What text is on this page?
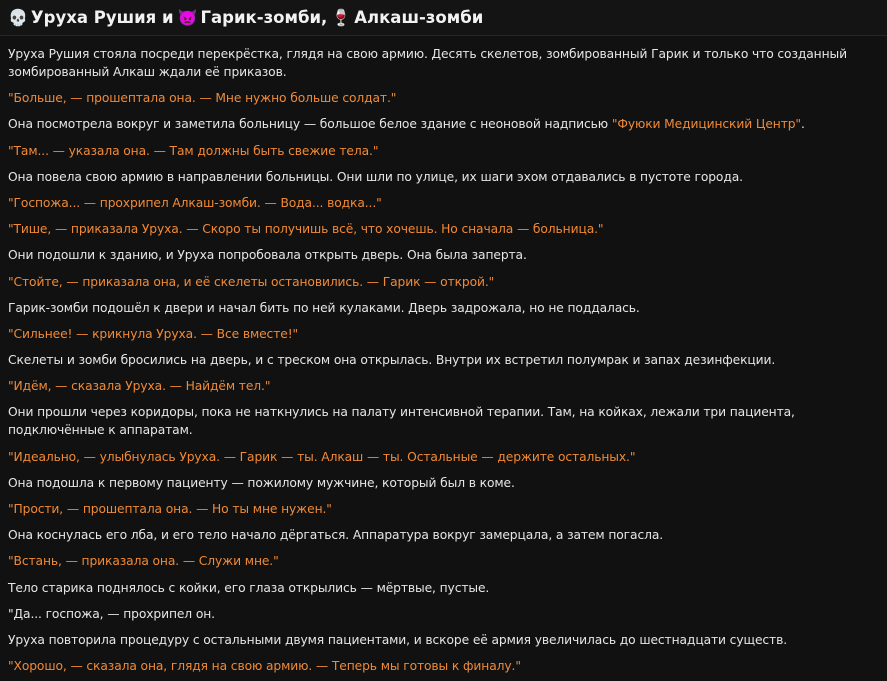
💀 Уруха Рушия и 👿 Гарик-зомби, 🍷 Алкаш-зомби
Уруха Рушия стояла посреди перекрёстка, глядя на свою армию. Десять скелетов, зомбированный Гарик и только что созданный зомбированный Алкаш ждали её приказов.
"Больше, — прошептала она. — Мне нужно больше солдат."
Она посмотрела вокруг и заметила больницу — большое белое здание с неоновой надписью "Фуюки Медицинский Центр".
"Там... — указала она. — Там должны быть свежие тела."
Она повела свою армию в направлении больницы. Они шли по улице, их шаги эхом отдавались в пустоте города.
"Госпожа... — прохрипел Алкаш-зомби. — Вода... водка..."
"Тише, — приказала Уруха. — Скоро ты получишь всё, что хочешь. Но сначала — больница."
Они подошли к зданию, и Уруха попробовала открыть дверь. Она была заперта.
"Стойте, — приказала она, и её скелеты остановились. — Гарик — открой."
Гарик-зомби подошёл к двери и начал бить по ней кулаками. Дверь задрожала, но не поддалась.
"Сильнее! — крикнула Уруха. — Все вместе!"
Скелеты и зомби бросились на дверь, и с треском она открылась. Внутри их встретил полумрак и запах дезинфекции.
"Идём, — сказала Уруха. — Найдём тел."
Они прошли через коридоры, пока не наткнулись на палату интенсивной терапии. Там, на койках, лежали три пациента, подключённые к аппаратам.
"Идеально, — улыбнулась Уруха. — Гарик — ты. Алкаш — ты. Остальные — держите остальных."
Она подошла к первому пациенту — пожилому мужчине, который был в коме.
"Прости, — прошептала она. — Но ты мне нужен."
Она коснулась его лба, и его тело начало дёргаться. Аппаратура вокруг замерцала, а затем погасла.
"Встань, — приказала она. — Служи мне."
Тело старика поднялось с койки, его глаза открылись — мёртвые, пустые.
"Да... госпожа, — прохрипел он.
Уруха повторила процедуру с остальными двумя пациентами, и вскоре её армия увеличилась до шестнадцати существ.
"Хорошо, — сказала она, глядя на свою армию. — Теперь мы готовы к финалу."
